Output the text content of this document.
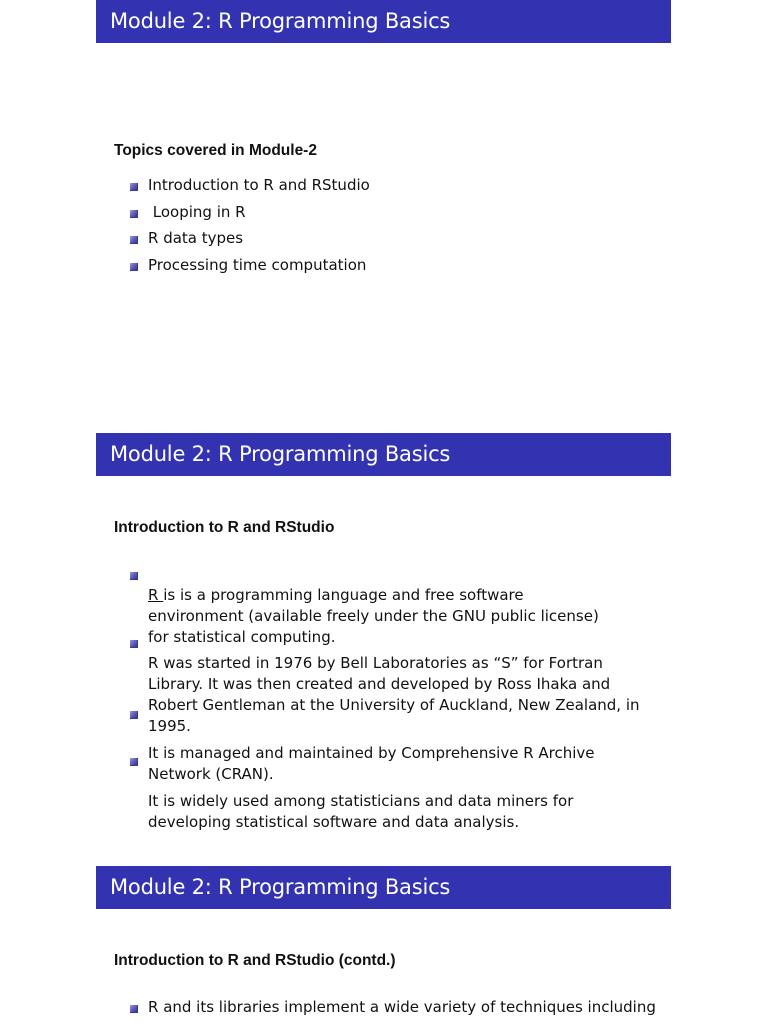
Module 2: R Programming Basics
Topics covered in Module-2
Introduction to R and RStudio
Looping in R
R data types
Processing time computation
Module 2: R Programming Basics
Introduction to R and RStudio

R is is a programming language and free software
environment (available freely under the GNU public license)
for statistical computing.

R was started in 1976 by Bell Laboratories as “S” for Fortran
Library. It was then created and developed by Ross Ihaka and
Robert Gentleman at the University of Auckland, New Zealand, in
1995.

It is managed and maintained by Comprehensive R Archive
Network (CRAN).

It is widely used among statisticians and data miners for
developing statistical software and data analysis.

Module 2: R Programming Basics
Introduction to R and RStudio (contd.)
R and its libraries implement a wide variety of techniques including
